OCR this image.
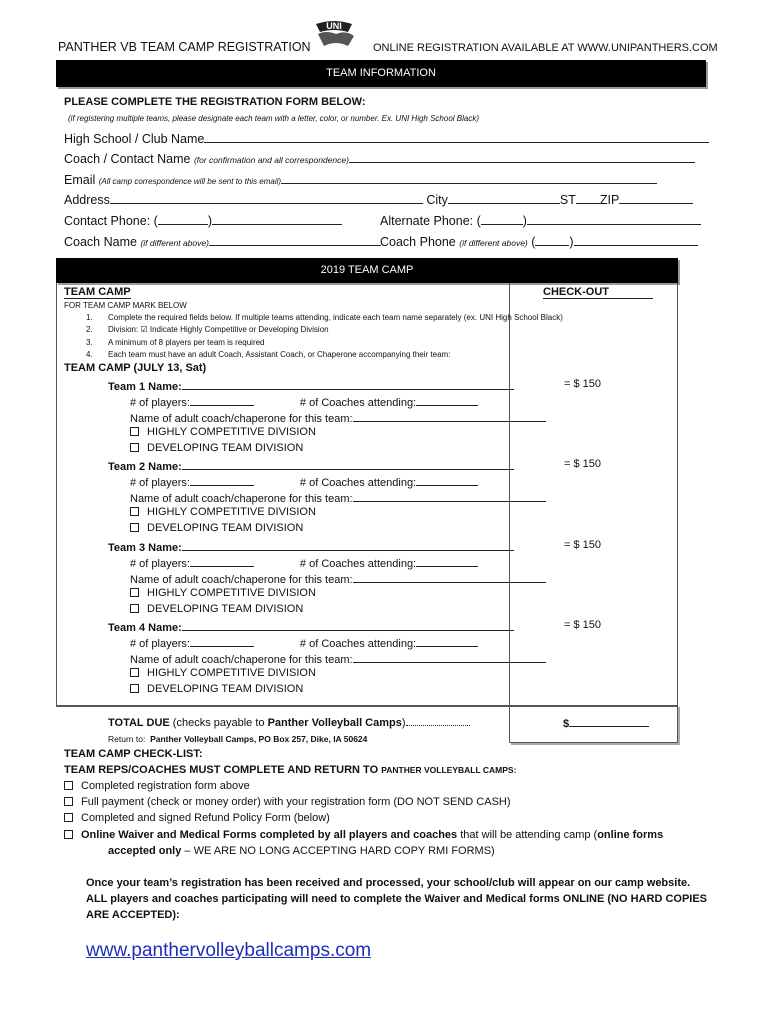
PANTHER VB TEAM CAMP REGISTRATION
UNI
ONLINE REGISTRATION AVAILABLE AT WWW.UNIPANTHERS.COM
TEAM INFORMATION
PLEASE COMPLETE THE REGISTRATION FORM BELOW:
(if registering multiple teams, please designate each team with a letter, color, or number. Ex. UNI High School Black)
High School / Club Name
Coach / Contact Name (for confirmation and all correspondence)
Email (All camp correspondence will be sent to this email)
Address	City	ST ZIP
Contact Phone: (	)	Alternate Phone: (	)
Coach Name (if different above)	Coach Phone (if different above) (	)
2019 TEAM CAMP
TEAM CAMP	CHECK-OUT
FOR TEAM CAMP MARK BELOW
1. Complete the required fields below. If multiple teams attending, indicate each team name separately (ex. UNI High School Black)
2. Division: ☑ Indicate Highly Competitive or Developing Division
3. A minimum of 8 players per team is required
4. Each team must have an adult Coach, Assistant Coach, or Chaperone accompanying their team:
TEAM CAMP (JULY 13, Sat)
Team 1 Name:
# of players:	# of Coaches attending:
Name of adult coach/chaperone for this team:
HIGHLY COMPETITIVE DIVISION
DEVELOPING TEAM DIVISION
= $ 150
Team 2 Name:
# of players:	# of Coaches attending:
Name of adult coach/chaperone for this team:
HIGHLY COMPETITIVE DIVISION
DEVELOPING TEAM DIVISION
= $ 150
Team 3 Name:
# of players:	# of Coaches attending:
Name of adult coach/chaperone for this team:
HIGHLY COMPETITIVE DIVISION
DEVELOPING TEAM DIVISION
= $ 150
Team 4 Name:
# of players:	# of Coaches attending:
Name of adult coach/chaperone for this team:
HIGHLY COMPETITIVE DIVISION
DEVELOPING TEAM DIVISION
= $ 150
TOTAL DUE (checks payable to Panther Volleyball Camps)	$
Return to: Panther Volleyball Camps, PO Box 257, Dike, IA 50624
TEAM CAMP CHECK-LIST:
TEAM REPS/COACHES MUST COMPLETE AND RETURN TO PANTHER VOLLEYBALL CAMPS:
Completed registration form above
Full payment (check or money order) with your registration form (DO NOT SEND CASH)
Completed and signed Refund Policy Form (below)
Online Waiver and Medical Forms completed by all players and coaches that will be attending camp (online forms
accepted only – WE ARE NO LONG ACCEPTING HARD COPY RMI FORMS)
Once your team’s registration has been received and processed, your school/club will appear on our camp website.
ALL players and coaches participating will need to complete the Waiver and Medical forms ONLINE (NO HARD COPIES
ARE ACCEPTED):
www.panthervolleyballcamps.com
